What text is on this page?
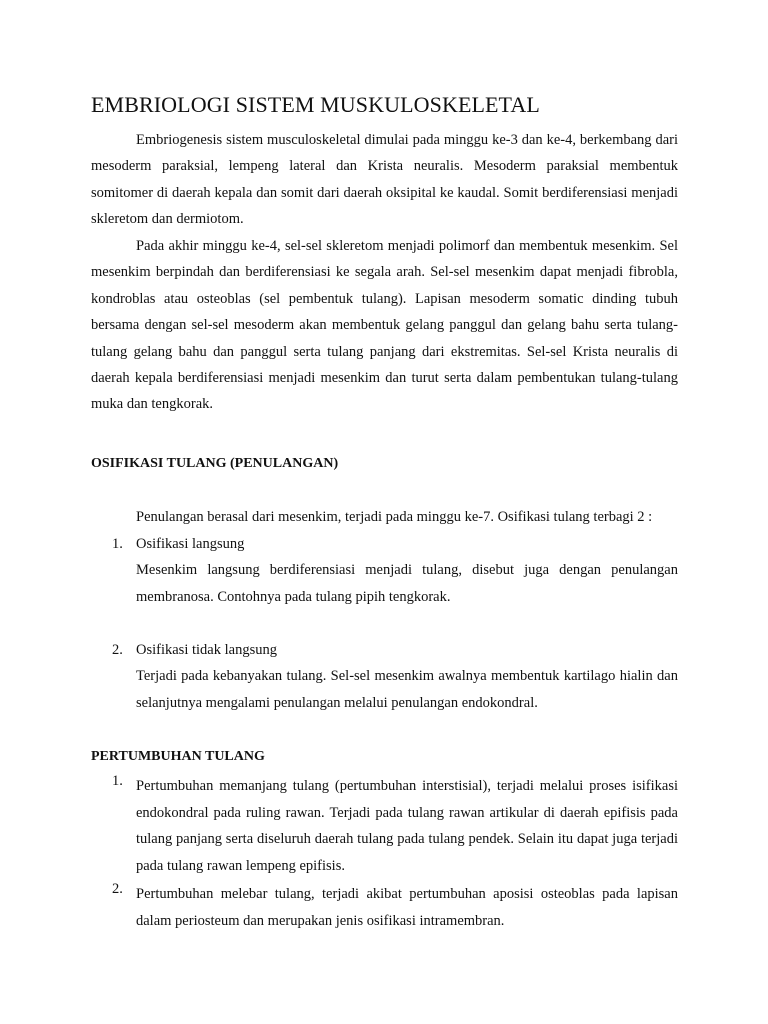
EMBRIOLOGI SISTEM MUSKULOSKELETAL

Embriogenesis sistem musculoskeletal dimulai pada minggu ke-3 dan ke-4, berkembang dari mesoderm paraksial, lempeng lateral dan Krista neuralis. Mesoderm paraksial membentuk somitomer di daerah kepala dan somit dari daerah oksipital ke kaudal. Somit berdiferensiasi menjadi skleretom dan dermiotom.

Pada akhir minggu ke-4, sel-sel skleretom menjadi polimorf dan membentuk mesenkim. Sel mesenkim berpindah dan berdiferensiasi ke segala arah. Sel-sel mesenkim dapat menjadi fibrobla, kondroblas atau osteoblas (sel pembentuk tulang). Lapisan mesoderm somatic dinding tubuh bersama dengan sel-sel mesoderm akan membentuk gelang panggul dan gelang bahu serta tulang-tulang gelang bahu dan panggul serta tulang panjang dari ekstremitas. Sel-sel Krista neuralis di daerah kepala berdiferensiasi menjadi mesenkim dan turut serta dalam pembentukan tulang-tulang muka dan tengkorak.

OSIFIKASI TULANG (PENULANGAN)

Penulangan berasal dari mesenkim, terjadi pada minggu ke-7. Osifikasi tulang terbagi 2 :

1. Osifikasi langsung

Mesenkim langsung berdiferensiasi menjadi tulang, disebut juga dengan penulangan membranosa. Contohnya pada tulang pipih tengkorak.

2. Osifikasi tidak langsung

Terjadi pada kebanyakan tulang. Sel-sel mesenkim awalnya membentuk kartilago hialin dan selanjutnya mengalami penulangan melalui penulangan endokondral.

PERTUMBUHAN TULANG
1. Pertumbuhan memanjang tulang (pertumbuhan interstisial), terjadi melalui proses isifikasi endokondral pada ruling rawan. Terjadi pada tulang rawan artikular di daerah epifisis pada tulang panjang serta diseluruh daerah tulang pada tulang pendek. Selain itu dapat juga terjadi pada tulang rawan lempeng epifisis.

2. Pertumbuhan melebar tulang, terjadi akibat pertumbuhan aposisi osteoblas pada lapisan dalam periosteum dan merupakan jenis osifikasi intramembran.
